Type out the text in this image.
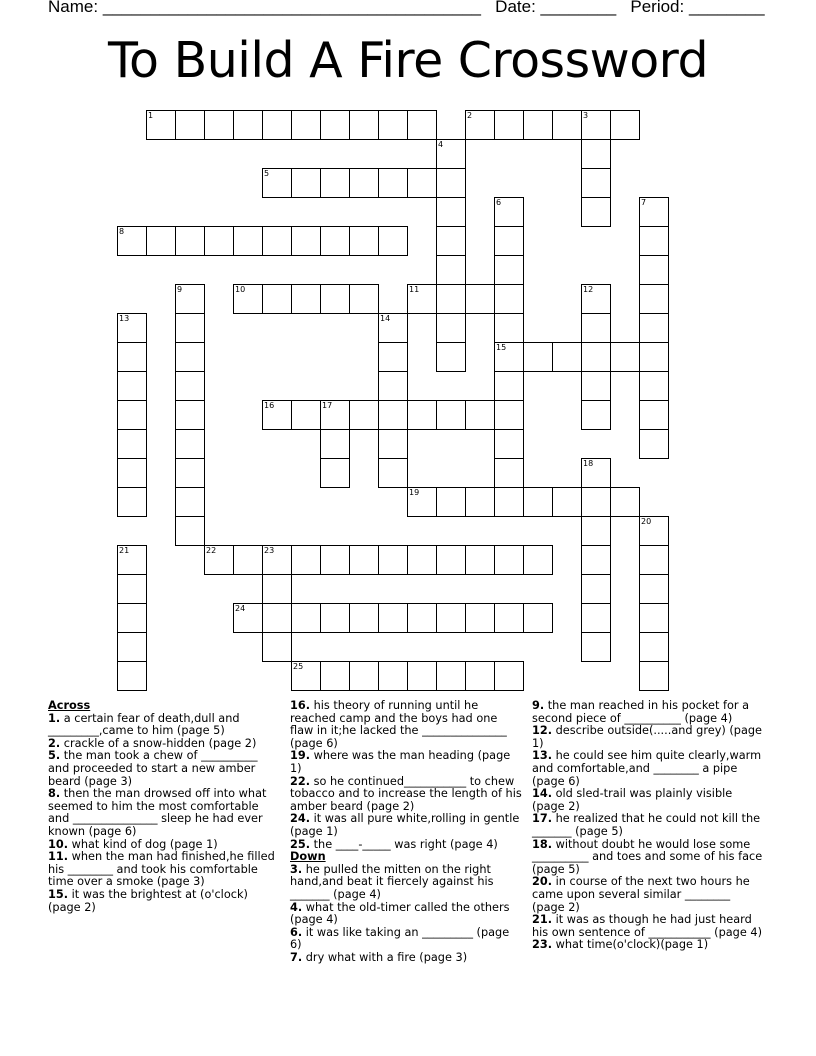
Name: ________________________________________ Date: ________ Period: ________
To Build A Fire Crossword
1	2	3
5
8
10	11
15
16	17
19
22	23
24
25
4
6	7
9	12
13	14
18
20
21
Across
1. a certain fear of death,dull and _________,came to him (page 5)
2. crackle of a snow-hidden (page 2)
5. the man took a chew of __________ and proceeded to start a new amber beard (page 3)
8. then the man drowsed off into what seemed to him the most comfortable and _______________ sleep he had ever known (page 6)
10. what kind of dog (page 1)
11. when the man had finished,he filled his ________ and took his comfortable time over a smoke (page 3)
15. it was the brightest at (o'clock) (page 2)
16. his theory of running until he reached camp and the boys had one flaw in it;he lacked the _______________ (page 6)
19. where was the man heading (page 1)
22. so he continued___________ to chew tobacco and to increase the length of his amber beard (page 2)
24. it was all pure white,rolling in gentle (page 1)
25. the ____-_____ was right (page 4)
Down
3. he pulled the mitten on the right hand,and beat it fiercely against his _______ (page 4)
4. what the old-timer called the others (page 4)
6. it was like taking an _________ (page 6)
7. dry what with a fire (page 3)
9. the man reached in his pocket for a second piece of __________ (page 4)
12. describe outside(.....and grey) (page 1)
13. he could see him quite clearly,warm and comfortable,and ________ a pipe (page 6)
14. old sled-trail was plainly visible (page 2)
17. he realized that he could not kill the _______ (page 5)
18. without doubt he would lose some __________ and toes and some of his face (page 5)
20. in course of the next two hours he came upon several similar ________ (page 2)
21. it was as though he had just heard his own sentence of ___________ (page 4)
23. what time(o'clock)(page 1)
